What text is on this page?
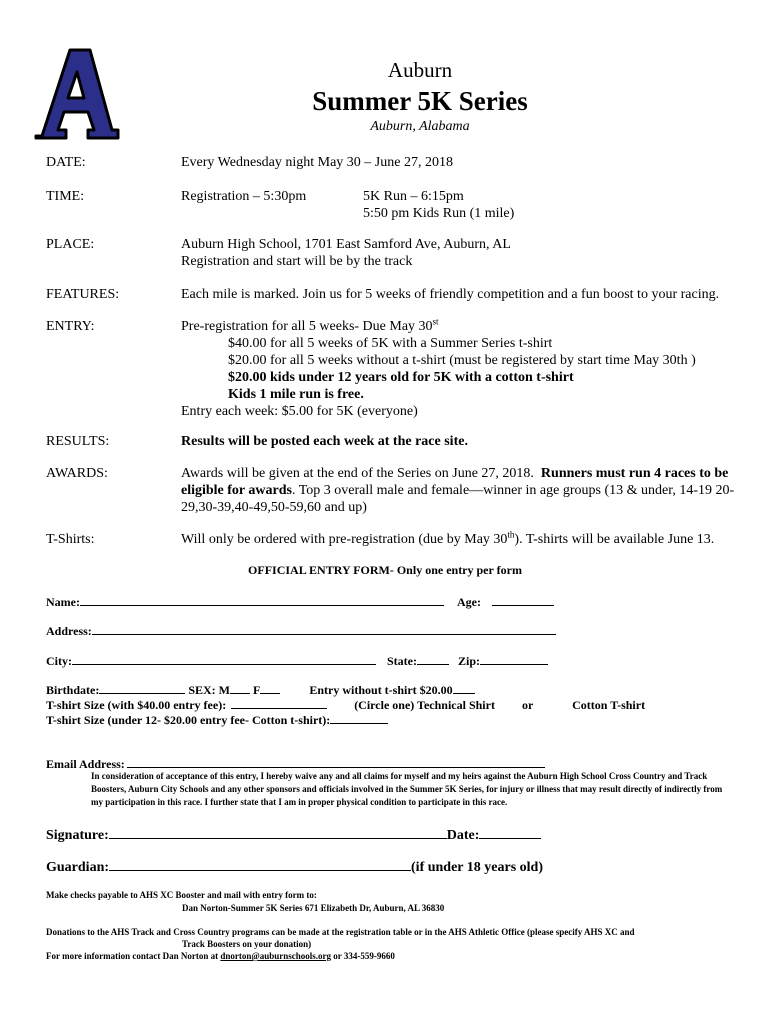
Auburn
Summer 5K Series
Auburn, Alabama
DATE:	Every Wednesday night May 30 – June 27, 2018
TIME:	Registration – 5:30pm	5K Run – 6:15pm
5:50 pm Kids Run (1 mile)
PLACE:	Auburn High School, 1701 East Samford Ave, Auburn, AL
Registration and start will be by the track
FEATURES:	Each mile is marked. Join us for 5 weeks of friendly competition and a fun boost to your racing.
ENTRY:	Pre-registration for all 5 weeks- Due May 30st
$40.00 for all 5 weeks of 5K with a Summer Series t-shirt
$20.00 for all 5 weeks without a t-shirt (must be registered by start time May 30th )
$20.00 kids under 12 years old for 5K with a cotton t-shirt
Kids 1 mile run is free.
Entry each week: $5.00 for 5K (everyone)
RESULTS:	Results will be posted each week at the race site.
AWARDS:	Awards will be given at the end of the Series on June 27, 2018. Runners must run 4 races to be eligible for awards. Top 3 overall male and female—winner in age groups (13 & under, 14-19 20-29,30-39,40-49,50-59,60 and up)
T-Shirts:	Will only be ordered with pre-registration (due by May 30th). T-shirts will be available June 13.
OFFICIAL ENTRY FORM- Only one entry per form
Name:	Age:
Address:
City:	State:	Zip:
Birthdate:	SEX: M F	Entry without t-shirt $20.00
T-shirt Size (with $40.00 entry fee):	(Circle one) Technical Shirt or	Cotton T-shirt
T-shirt Size (under 12- $20.00 entry fee- Cotton t-shirt):
Email Address:
In consideration of acceptance of this entry, I hereby waive any and all claims for myself and my heirs against the Auburn High School Cross Country and Track Boosters, Auburn City Schools and any other sponsors and officials involved in the Summer 5K Series, for injury or illness that may result directly of indirectly from my participation in this race. I further state that I am in proper physical condition to participate in this race.
Signature:	Date:
Guardian:	(if under 18 years old)
Make checks payable to AHS XC Booster and mail with entry form to:
Dan Norton-Summer 5K Series 671 Elizabeth Dr, Auburn, AL 36830
Donations to the AHS Track and Cross Country programs can be made at the registration table or in the AHS Athletic Office (please specify AHS XC and
Track Boosters on your donation)
For more information contact Dan Norton at dnorton@auburnschools.org or 334-559-9660
